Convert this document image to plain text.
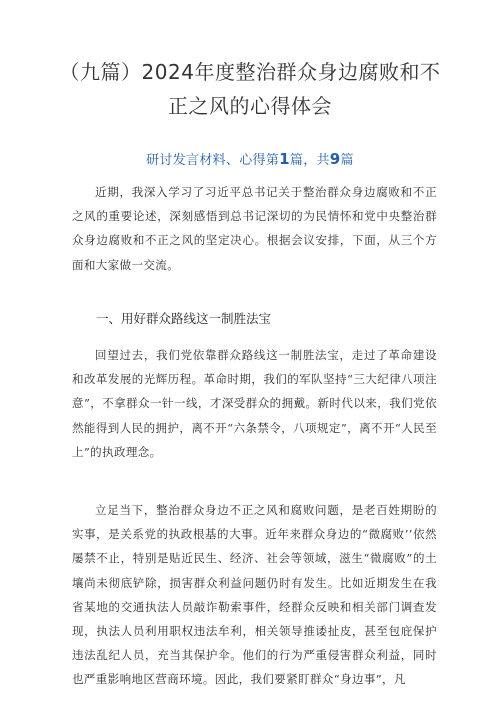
（九篇）2024年度整治群众身边腐败和不
正之风的心得体会
研讨发言材料、心得第1篇，共9篇

近期，我深入学习了习近平总书记关于整治群众身边腐败和不正之风的重要论述，深刻感悟到总书记深切的为民情怀和党中央整治群众身边腐败和不正之风的坚定决心。根据会议安排，下面，从三个方面和大家做一交流。

一、用好群众路线这一制胜法宝

回望过去，我们党依靠群众路线这一制胜法宝，走过了革命建设和改革发展的光辉历程。革命时期，我们的军队坚持“三大纪律八项注意”，不拿群众一针一线，才深受群众的拥戴。新时代以来，我们党依然能得到人民的拥护，离不开“六条禁令，八项规定”，离不开“人民至上”的执政理念。

立足当下，整治群众身边不正之风和腐败问题，是老百姓期盼的实事，是关系党的执政根基的大事。近年来群众身边的“微腐败’’依然屡禁不止，特别是贴近民生、经济、社会等领域，滋生“微腐败”的土壤尚未彻底铲除，损害群众利益问题仍时有发生。比如近期发生在我省某地的交通执法人员敲诈勒索事件，经群众反映和相关部门调查发现，执法人员利用职权违法牟利，相关领导推诿扯皮，甚至包庇保护违法乱纪人员，充当其保护伞。他们的行为严重侵害群众利益，同时也严重影响地区营商环境。因此，我们要紧盯群众“身边事”，凡
